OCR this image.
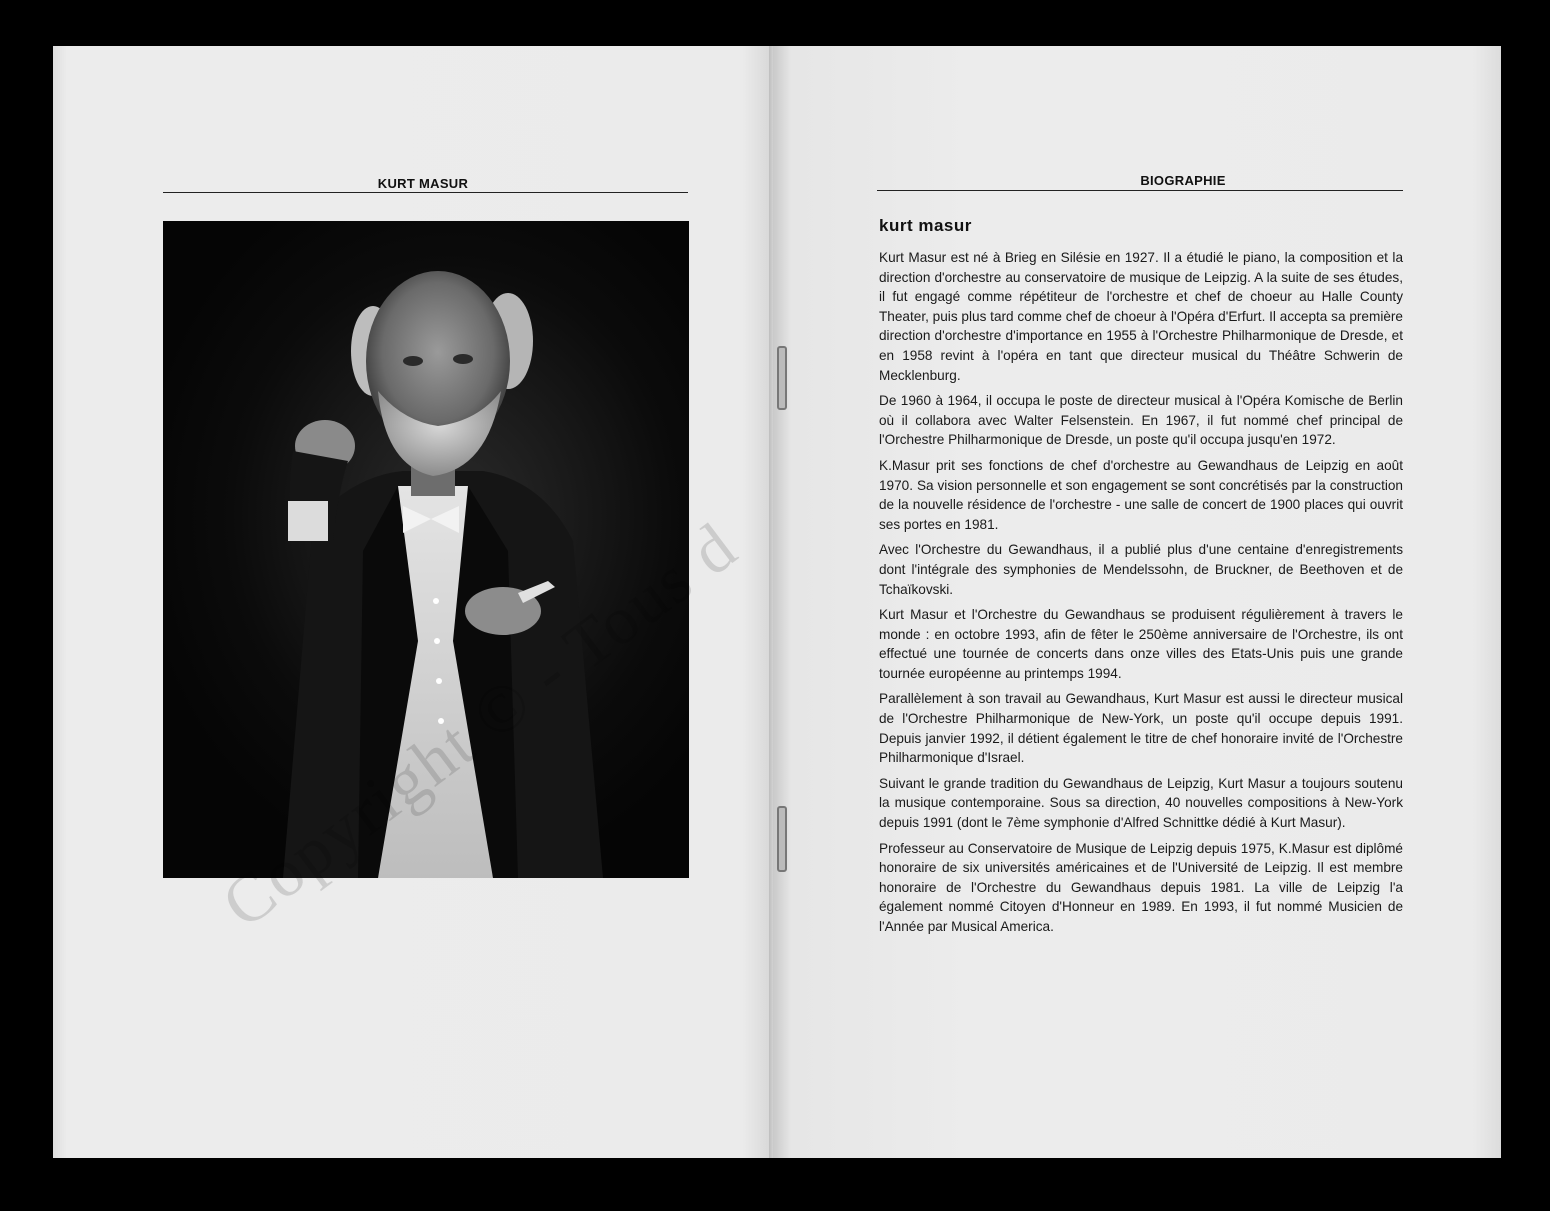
KURT MASUR	BIOGRAPHIE
kurt masur

Kurt Masur est né à Brieg en Silésie en 1927. Il a étudié le piano, la composition et la direction d'orchestre au conservatoire de musique de Leipzig. A la suite de ses études, il fut engagé comme répétiteur de l'orchestre et chef de choeur au Halle County Theater, puis plus tard comme chef de choeur à l'Opéra d'Erfurt. Il accepta sa première direction d'orchestre d'importance en 1955 à l'Orchestre Philharmonique de Dresde, et en 1958 revint à l'opéra en tant que directeur musical du Théâtre Schwerin de Mecklenburg.

De 1960 à 1964, il occupa le poste de directeur musical à l'Opéra Komische de Berlin où il collabora avec Walter Felsenstein. En 1967, il fut nommé chef principal de l'Orchestre Philharmonique de Dresde, un poste qu'il occupa jusqu'en 1972.

K.Masur prit ses fonctions de chef d'orchestre au Gewandhaus de Leipzig en août 1970. Sa vision personnelle et son engagement se sont concrétisés par la construction de la nouvelle résidence de l'orchestre - une salle de concert de 1900 places qui ouvrit ses portes en 1981.

Avec l'Orchestre du Gewandhaus, il a publié plus d'une centaine d'enregistrements dont l'intégrale des symphonies de Mendelssohn, de Bruckner, de Beethoven et de Tchaïkovski.

Kurt Masur et l'Orchestre du Gewandhaus se produisent régulièrement à travers le monde : en octobre 1993, afin de fêter le 250ème anniversaire de l'Orchestre, ils ont effectué une tournée de concerts dans onze villes des Etats-Unis puis une grande tournée européenne au printemps 1994.

Parallèlement à son travail au Gewandhaus, Kurt Masur est aussi le directeur musical de l'Orchestre Philharmonique de New-York, un poste qu'il occupe depuis 1991. Depuis janvier 1992, il détient également le titre de chef honoraire invité de l'Orchestre Philharmonique d'Israel.

Suivant le grande tradition du Gewandhaus de Leipzig, Kurt Masur a toujours soutenu la musique contemporaine. Sous sa direction, 40 nouvelles compositions à New-York depuis 1991 (dont le 7ème symphonie d'Alfred Schnittke dédié à Kurt Masur).

Professeur au Conservatoire de Musique de Leipzig depuis 1975, K.Masur est diplômé honoraire de six universités américaines et de l'Université de Leipzig. Il est membre honoraire de l'Orchestre du Gewandhaus depuis 1981. La ville de Leipzig l'a également nommé Citoyen d'Honneur en 1989. En 1993, il fut nommé Musicien de l'Année par Musical America.
